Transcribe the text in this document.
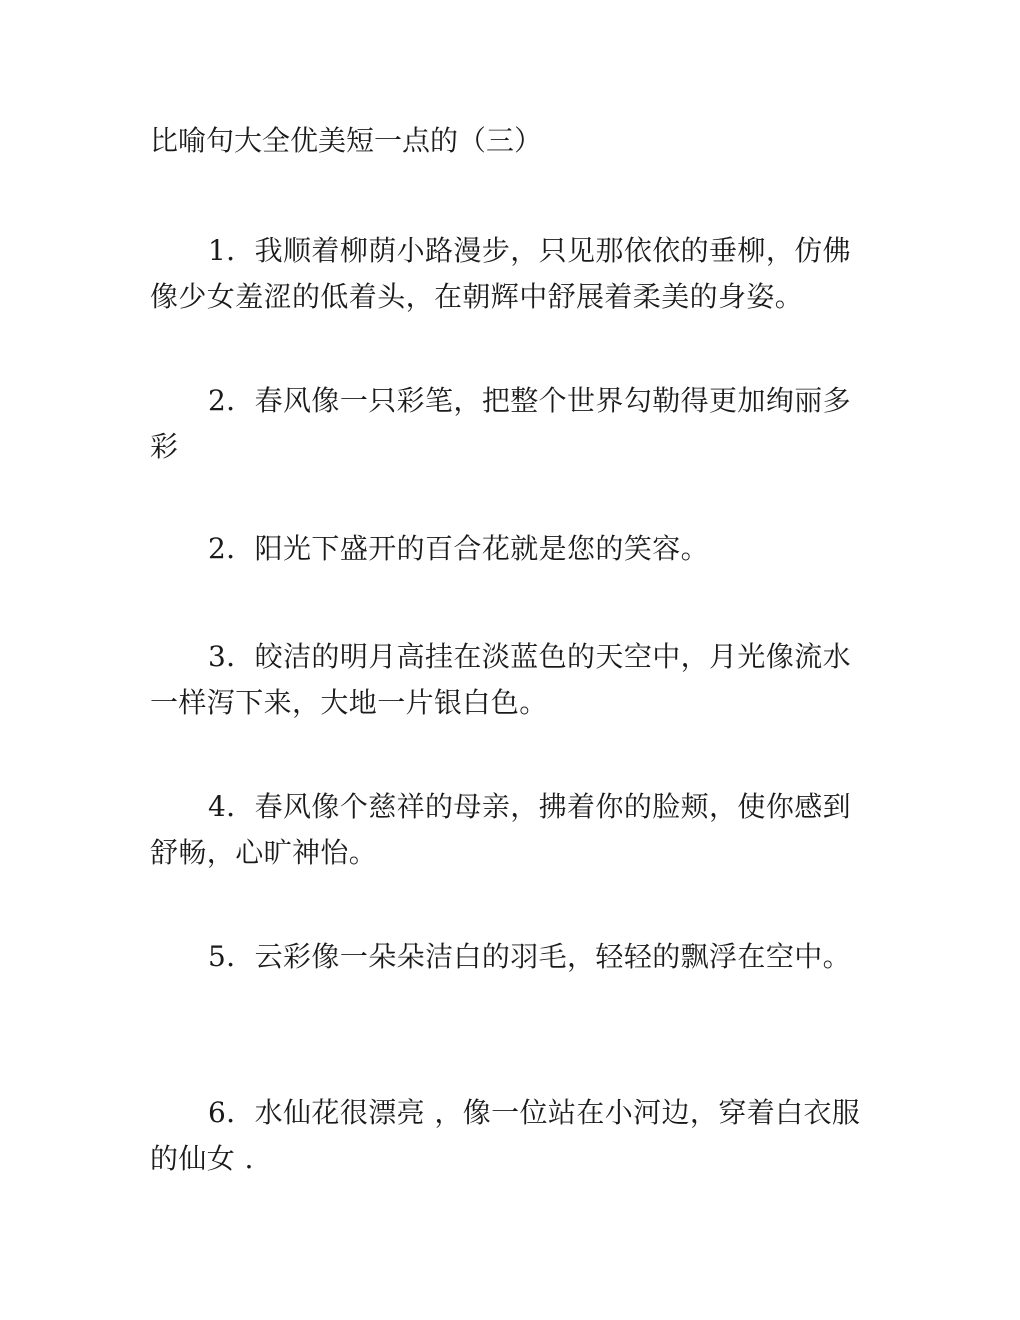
比喻句大全优美短一点的（三）
1．我顺着柳荫小路漫步，只见那依依的垂柳，仿佛像少女羞涩的低着头，在朝辉中舒展着柔美的身姿。
2．春风像一只彩笔，把整个世界勾勒得更加绚丽多彩
2．阳光下盛开的百合花就是您的笑容。
3．皎洁的明月高挂在淡蓝色的天空中，月光像流水一样泻下来，大地一片银白色。
4．春风像个慈祥的母亲，拂着你的脸颊，使你感到舒畅，心旷神怡。
5．云彩像一朵朵洁白的羽毛，轻轻的飘浮在空中。
6．水仙花很漂亮 ，像一位站在小河边，穿着白衣服的仙女 .
